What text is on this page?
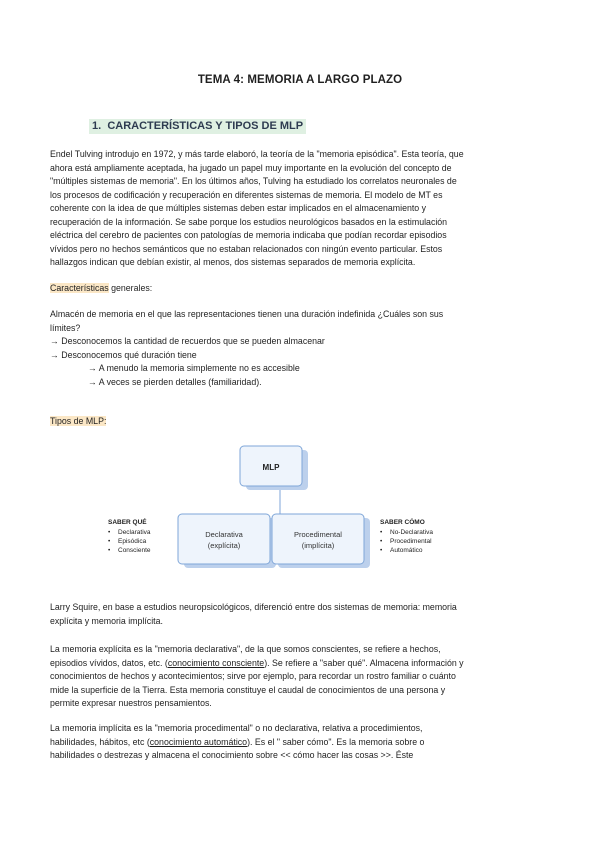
TEMA 4: MEMORIA A LARGO PLAZO
1. CARACTERÍSTICAS Y TIPOS DE MLP
Endel Tulving introdujo en 1972, y más tarde elaboró, la teoría de la "memoria episódica". Esta teoría, que
ahora está ampliamente aceptada, ha jugado un papel muy importante en la evolución del concepto de
"múltiples sistemas de memoria". En los últimos años, Tulving ha estudiado los correlatos neuronales de
los procesos de codificación y recuperación en diferentes sistemas de memoria. El modelo de MT es
coherente con la idea de que múltiples sistemas deben estar implicados en el almacenamiento y
recuperación de la información. Se sabe porque los estudios neurológicos basados en la estimulación
eléctrica del cerebro de pacientes con patologías de memoria indicaba que podían recordar episodios
vívidos pero no hechos semánticos que no estaban relacionados con ningún evento particular. Estos
hallazgos indican que debían existir, al menos, dos sistemas separados de memoria explícita.
Características generales:
Almacén de memoria en el que las representaciones tienen una duración indefinida ¿Cuáles son sus
límites?
→ Desconocemos la cantidad de recuerdos que se pueden almacenar
→ Desconocemos qué duración tiene
→ A menudo la memoria simplemente no es accesible
→ A veces se pierden detalles (familiaridad).
Tipos de MLP:
MLP
Declarativa
(explícita)
Procedimental
(implícita)
SABER QUÉ
• Declarativa
• Episódica
• Consciente
SABER CÓMO
• No-Declarativa
• Procedimental
• Automático
Larry Squire, en base a estudios neuropsicológicos, diferenció entre dos sistemas de memoria: memoria
explícita y memoria implícita.
La memoria explícita es la "memoria declarativa", de la que somos conscientes, se refiere a hechos,
episodios vívidos, datos, etc. (conocimiento consciente). Se refiere a "saber qué". Almacena información y
conocimientos de hechos y acontecimientos; sirve por ejemplo, para recordar un rostro familiar o cuánto
mide la superficie de la Tierra. Esta memoria constituye el caudal de conocimientos de una persona y
permite expresar nuestros pensamientos.
La memoria implícita es la "memoria procedimental" o no declarativa, relativa a procedimientos,
habilidades, hábitos, etc (conocimiento automático). Es el " saber cómo". Es la memoria sobre o
habilidades o destrezas y almacena el conocimiento sobre << cómo hacer las cosas >>. Éste
